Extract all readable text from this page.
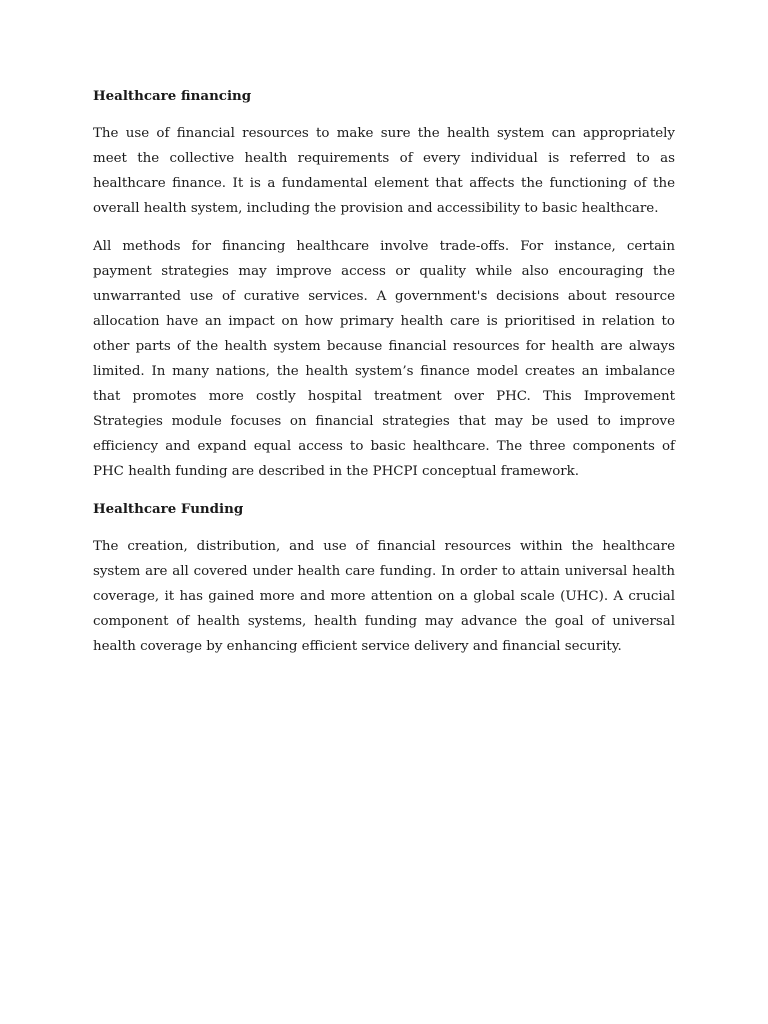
Healthcare financing

The use of financial resources to make sure the health system can appropriately meet the collective health requirements of every individual is referred to as healthcare finance. It is a fundamental element that affects the functioning of the overall health system, including the provision and accessibility to basic healthcare.

All methods for financing healthcare involve trade-offs. For instance, certain payment strategies may improve access or quality while also encouraging the unwarranted use of curative services. A government's decisions about resource allocation have an impact on how primary health care is prioritised in relation to other parts of the health system because financial resources for health are always limited. In many nations, the health system’s finance model creates an imbalance that promotes more costly hospital treatment over PHC. This Improvement Strategies module focuses on financial strategies that may be used to improve efficiency and expand equal access to basic healthcare. The three components of PHC health funding are described in the PHCPI conceptual framework.

Healthcare Funding

The creation, distribution, and use of financial resources within the healthcare system are all covered under health care funding. In order to attain universal health coverage, it has gained more and more attention on a global scale (UHC). A crucial component of health systems, health funding may advance the goal of universal health coverage by enhancing efficient service delivery and financial security.
